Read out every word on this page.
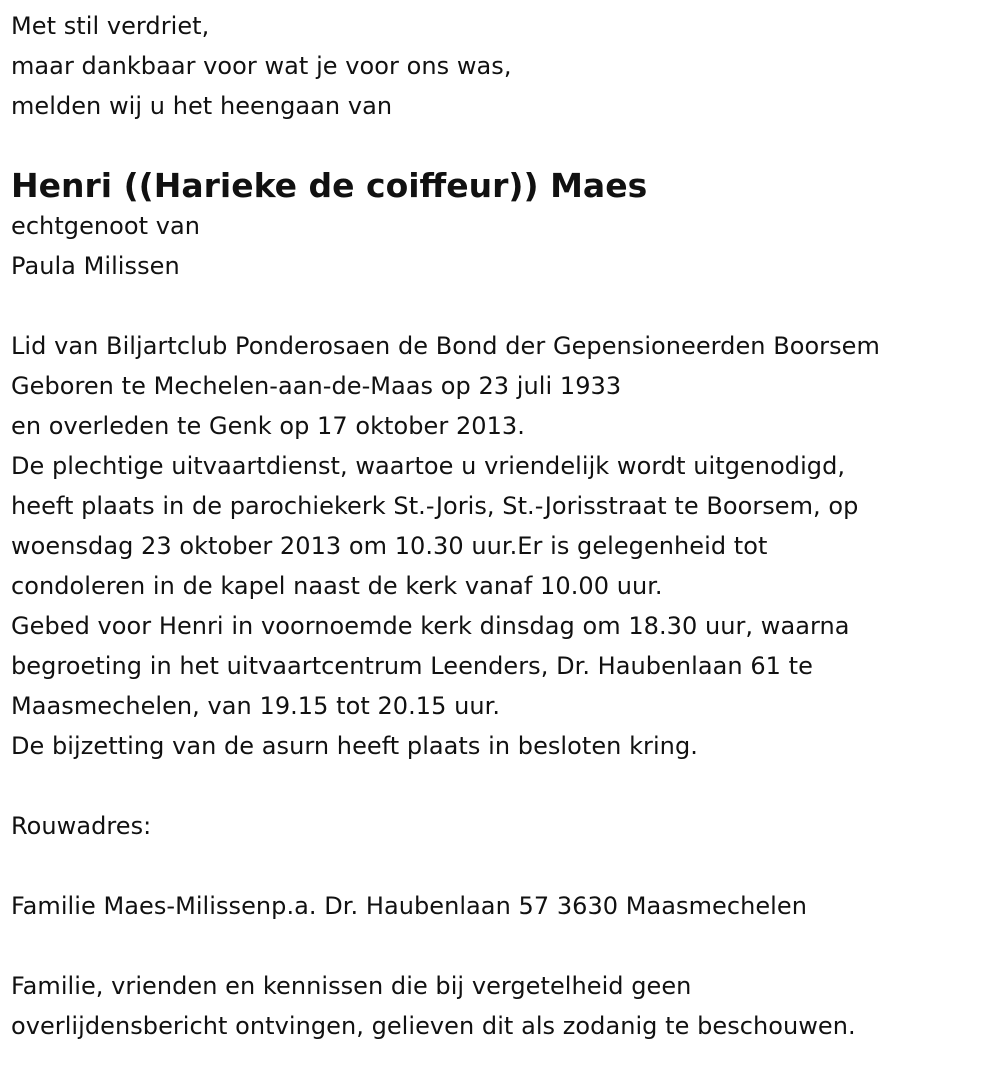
Met stil verdriet,
maar dankbaar voor wat je voor ons was,
melden wij u het heengaan van
Henri ((Harieke de coiffeur)) Maes
echtgenoot van
Paula Milissen
Lid van Biljartclub Ponderosaen de Bond der Gepensioneerden Boorsem
Geboren te Mechelen-aan-de-Maas op 23 juli 1933
en overleden te Genk op 17 oktober 2013.
De plechtige uitvaartdienst, waartoe u vriendelijk wordt uitgenodigd,
heeft plaats in de parochiekerk St.-Joris, St.-Jorisstraat te Boorsem, op
woensdag 23 oktober 2013 om 10.30 uur.Er is gelegenheid tot
condoleren in de kapel naast de kerk vanaf 10.00 uur.
Gebed voor Henri in voornoemde kerk dinsdag om 18.30 uur, waarna
begroeting in het uitvaartcentrum Leenders, Dr. Haubenlaan 61 te
Maasmechelen, van 19.15 tot 20.15 uur.
De bijzetting van de asurn heeft plaats in besloten kring.
Rouwadres:
Familie Maes-Milissenp.a. Dr. Haubenlaan 57 3630 Maasmechelen
Familie, vrienden en kennissen die bij vergetelheid geen
overlijdensbericht ontvingen, gelieven dit als zodanig te beschouwen.
